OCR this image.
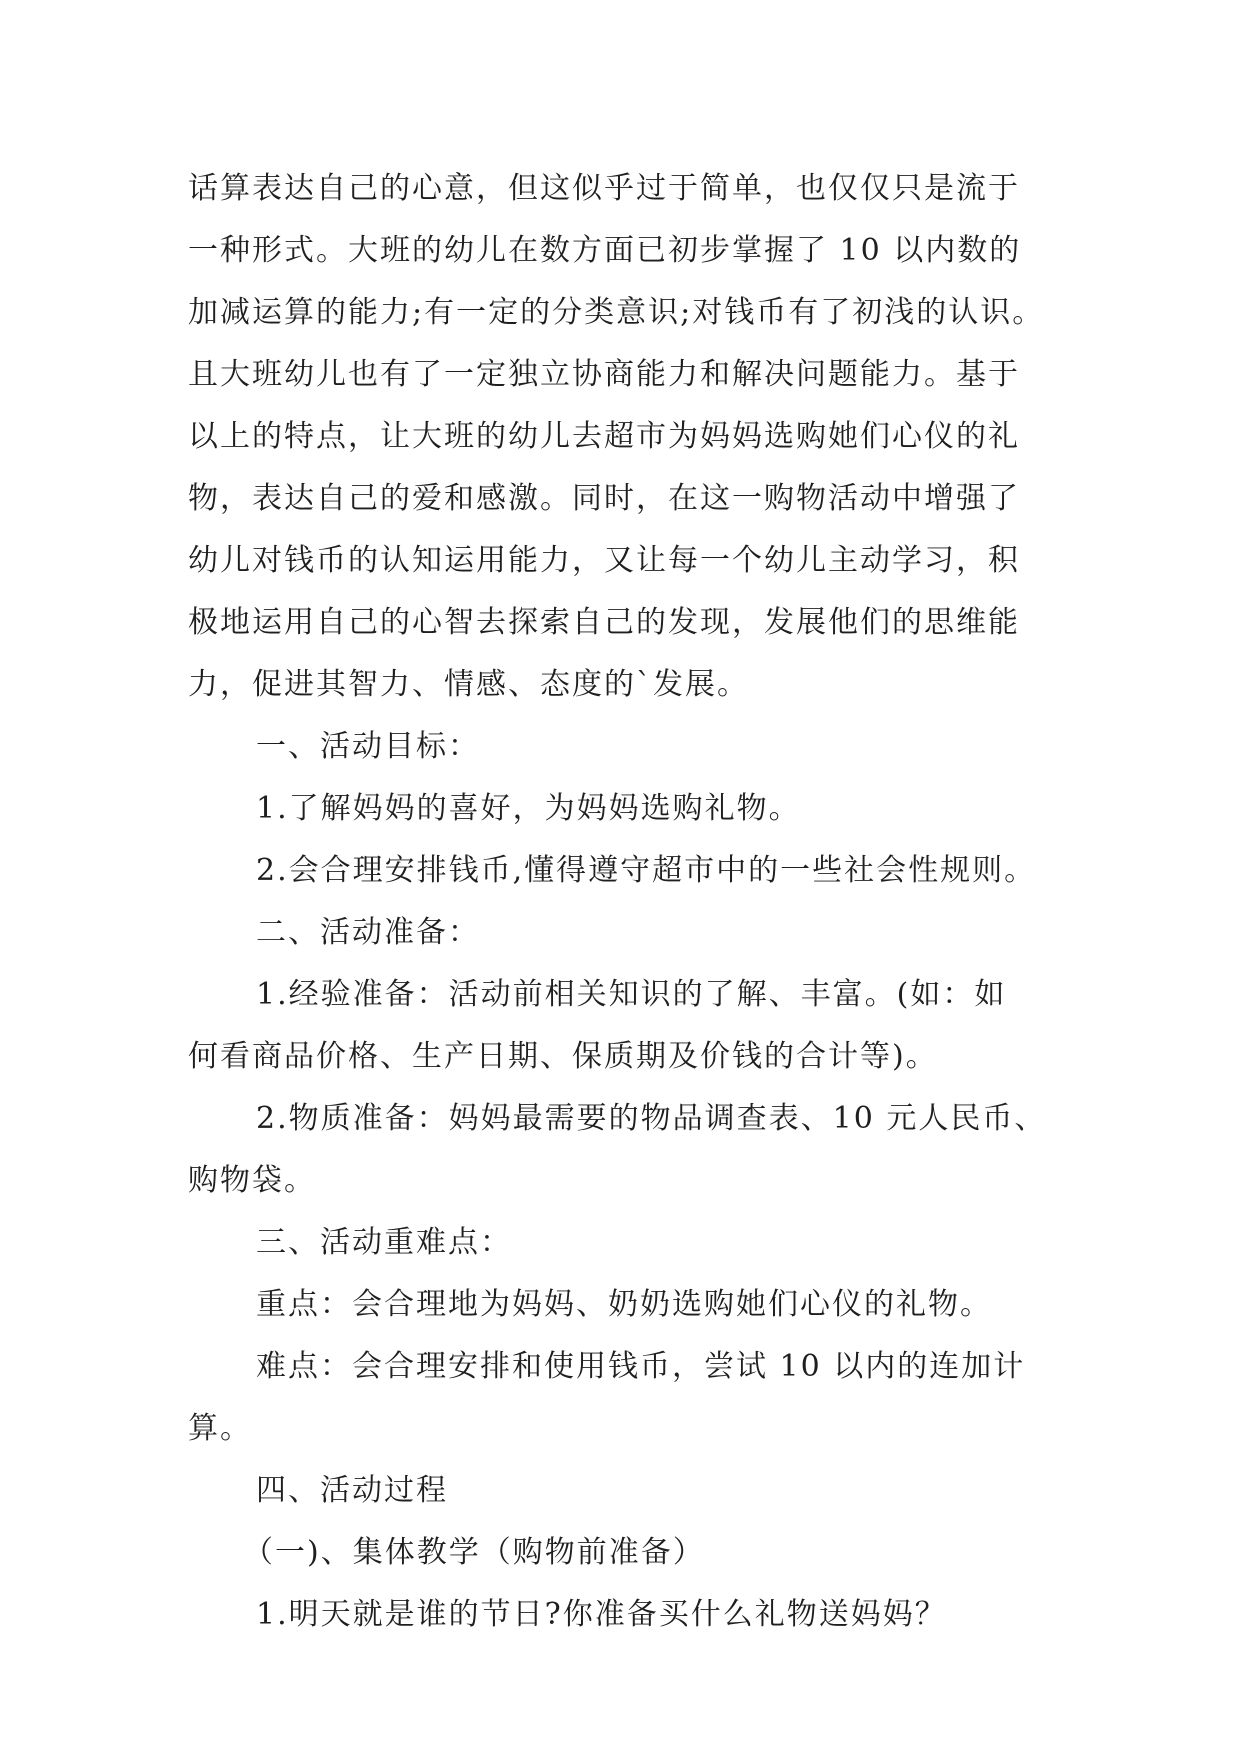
话算表达自己的心意，但这似乎过于简单，也仅仅只是流于
一种形式。大班的幼儿在数方面已初步掌握了 10 以内数的
加减运算的能力;有一定的分类意识;对钱币有了初浅的认识。
且大班幼儿也有了一定独立协商能力和解决问题能力。基于
以上的特点，让大班的幼儿去超市为妈妈选购她们心仪的礼
物，表达自己的爱和感激。同时，在这一购物活动中增强了
幼儿对钱币的认知运用能力，又让每一个幼儿主动学习，积
极地运用自己的心智去探索自己的发现，发展他们的思维能
力，促进其智力、情感、态度的`发展。
一、活动目标：
1.了解妈妈的喜好，为妈妈选购礼物。
2.会合理安排钱币,懂得遵守超市中的一些社会性规则。
二、活动准备：
1.经验准备：活动前相关知识的了解、丰富。(如：如
何看商品价格、生产日期、保质期及价钱的合计等)。
2.物质准备：妈妈最需要的物品调查表、10 元人民币、
购物袋。
三、活动重难点：
重点：会合理地为妈妈、奶奶选购她们心仪的礼物。
难点：会合理安排和使用钱币，尝试 10 以内的连加计
算。
四、活动过程
（一)、集体教学（购物前准备）
1.明天就是谁的节日?你准备买什么礼物送妈妈？
